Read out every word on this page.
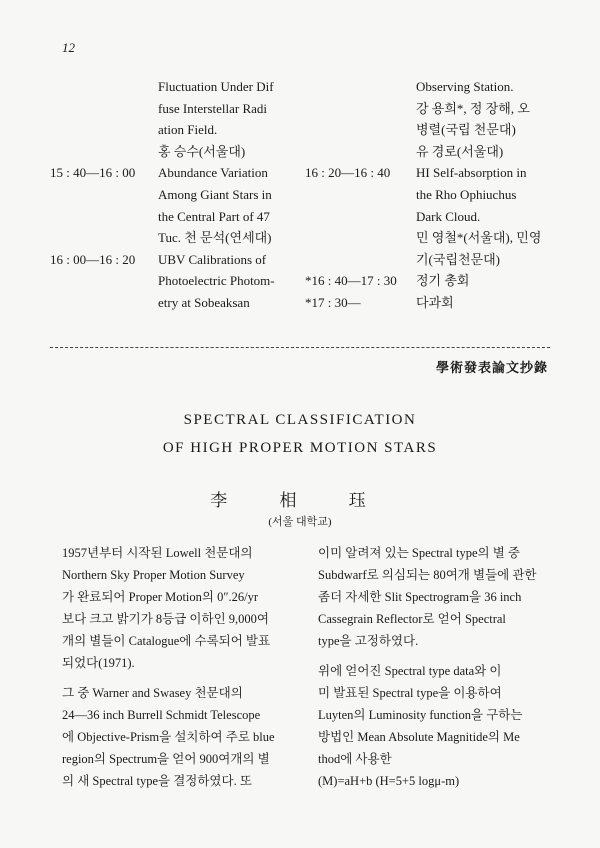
12
Fluctuation Under Dif
fuse Interstellar Radi
ation Field.
홍 승수(서울대)
15 : 40—16 : 00 Abundance Variation
Among Giant Stars in
the Central Part of 47
Tuc. 천 문석(연세대)
16 : 00—16 : 20 UBV Calibrations of
Photoelectric Photom-
etry at Sobeaksan
Observing Station.
강 용희*, 정 장해, 오
병렬(국립 천문대)
유 경로(서울대)
16 : 20—16 : 40 HI Self-absorption in
the Rho Ophiuchus
Dark Cloud.
민 영철*(서울대), 민영
기(국립천문대)
*16 : 40—17 : 30 정기 총회
*17 : 30—	다과회
學術發表論文抄錄
SPECTRAL CLASSIFICATION
OF HIGH PROPER MOTION STARS
李 相 珏
(서울 대학교)
1957년부터 시작된 Lowell 천문대의
Northern Sky Proper Motion Survey
가 완료되어 Proper Motion의 0″.26/yr
보다 크고 밝기가 8등급 이하인 9,000여
개의 별들이 Catalogue에 수록되어 발표
되었다(1971).
그 중 Warner and Swasey 천문대의
24—36 inch Burrell Schmidt Telescope
에 Objective-Prism을 설치하여 주로 blue
region의 Spectrum을 얻어 900여개의 별
의 새 Spectral type을 결정하였다. 또
이미 알려져 있는 Spectral type의 별 중
Subdwarf로 의심되는 80여개 별들에 관한
좀더 자세한 Slit Spectrogram을 36 inch
Cassegrain Reflector로 얻어 Spectral
type을 고정하였다.
위에 얻어진 Spectral type data와 이
미 발표된 Spectral type을 이용하여
Luyten의 Luminosity function을 구하는
방법인 Mean Absolute Magnitide의 Me
thod에 사용한
(M)=aH+b (H=5+5 logμ-m)
